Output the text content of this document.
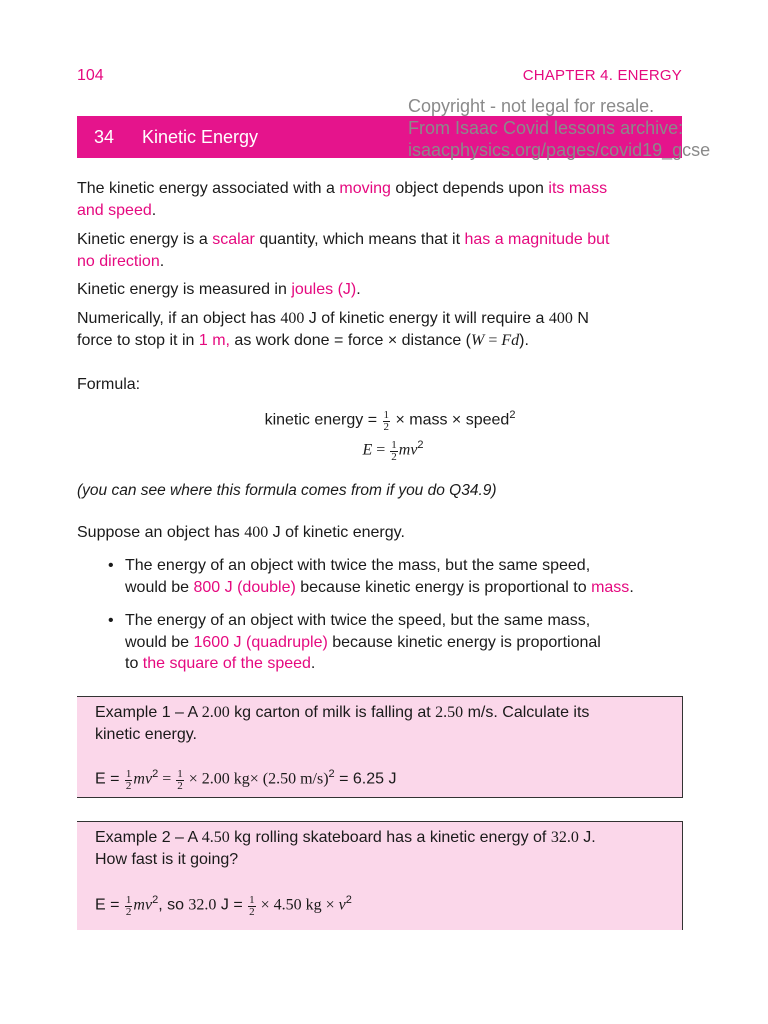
104	CHAPTER 4. ENERGY
34	Kinetic Energy
Copyright - not legal for resale.
From Isaac Covid lessons archive:
isaacphysics.org/pages/covid19_gcse
The kinetic energy associated with a moving object depends upon its mass
and speed.
Kinetic energy is a scalar quantity, which means that it has a magnitude but
no direction.
Kinetic energy is measured in joules (J).
Numerically, if an object has 400 J of kinetic energy it will require a 400 N
force to stop it in 1 m, as work done = force × distance (W = Fd).
Formula:
kinetic energy = $\frac{1}{2}$ × mass × speed$^2$
$E = \frac{1}{2} mv^2$
(you can see where this formula comes from if you do Q34.9)
Suppose an object has 400 J of kinetic energy.
• The energy of an object with twice the mass, but the same speed,
would be 800 J (double) because kinetic energy is proportional to mass.
• The energy of an object with twice the speed, but the same mass,
would be 1600 J (quadruple) because kinetic energy is proportional
to the square of the speed.
Example 1 – A 2.00 kg carton of milk is falling at 2.50 m/s. Calculate its
kinetic energy.
$E = \frac{1}{2} mv^2 = \frac{1}{2} \times 2.00$ kg× (2.50 m/s)$^2$ = 6.25 J
Example 2 – A 4.50 kg rolling skateboard has a kinetic energy of 32.0 J.
How fast is it going?
$E = \frac{1}{2} mv^2$, so 32.0 $J = \frac{1}{2} \times 4.50$ kg × $v^2$
